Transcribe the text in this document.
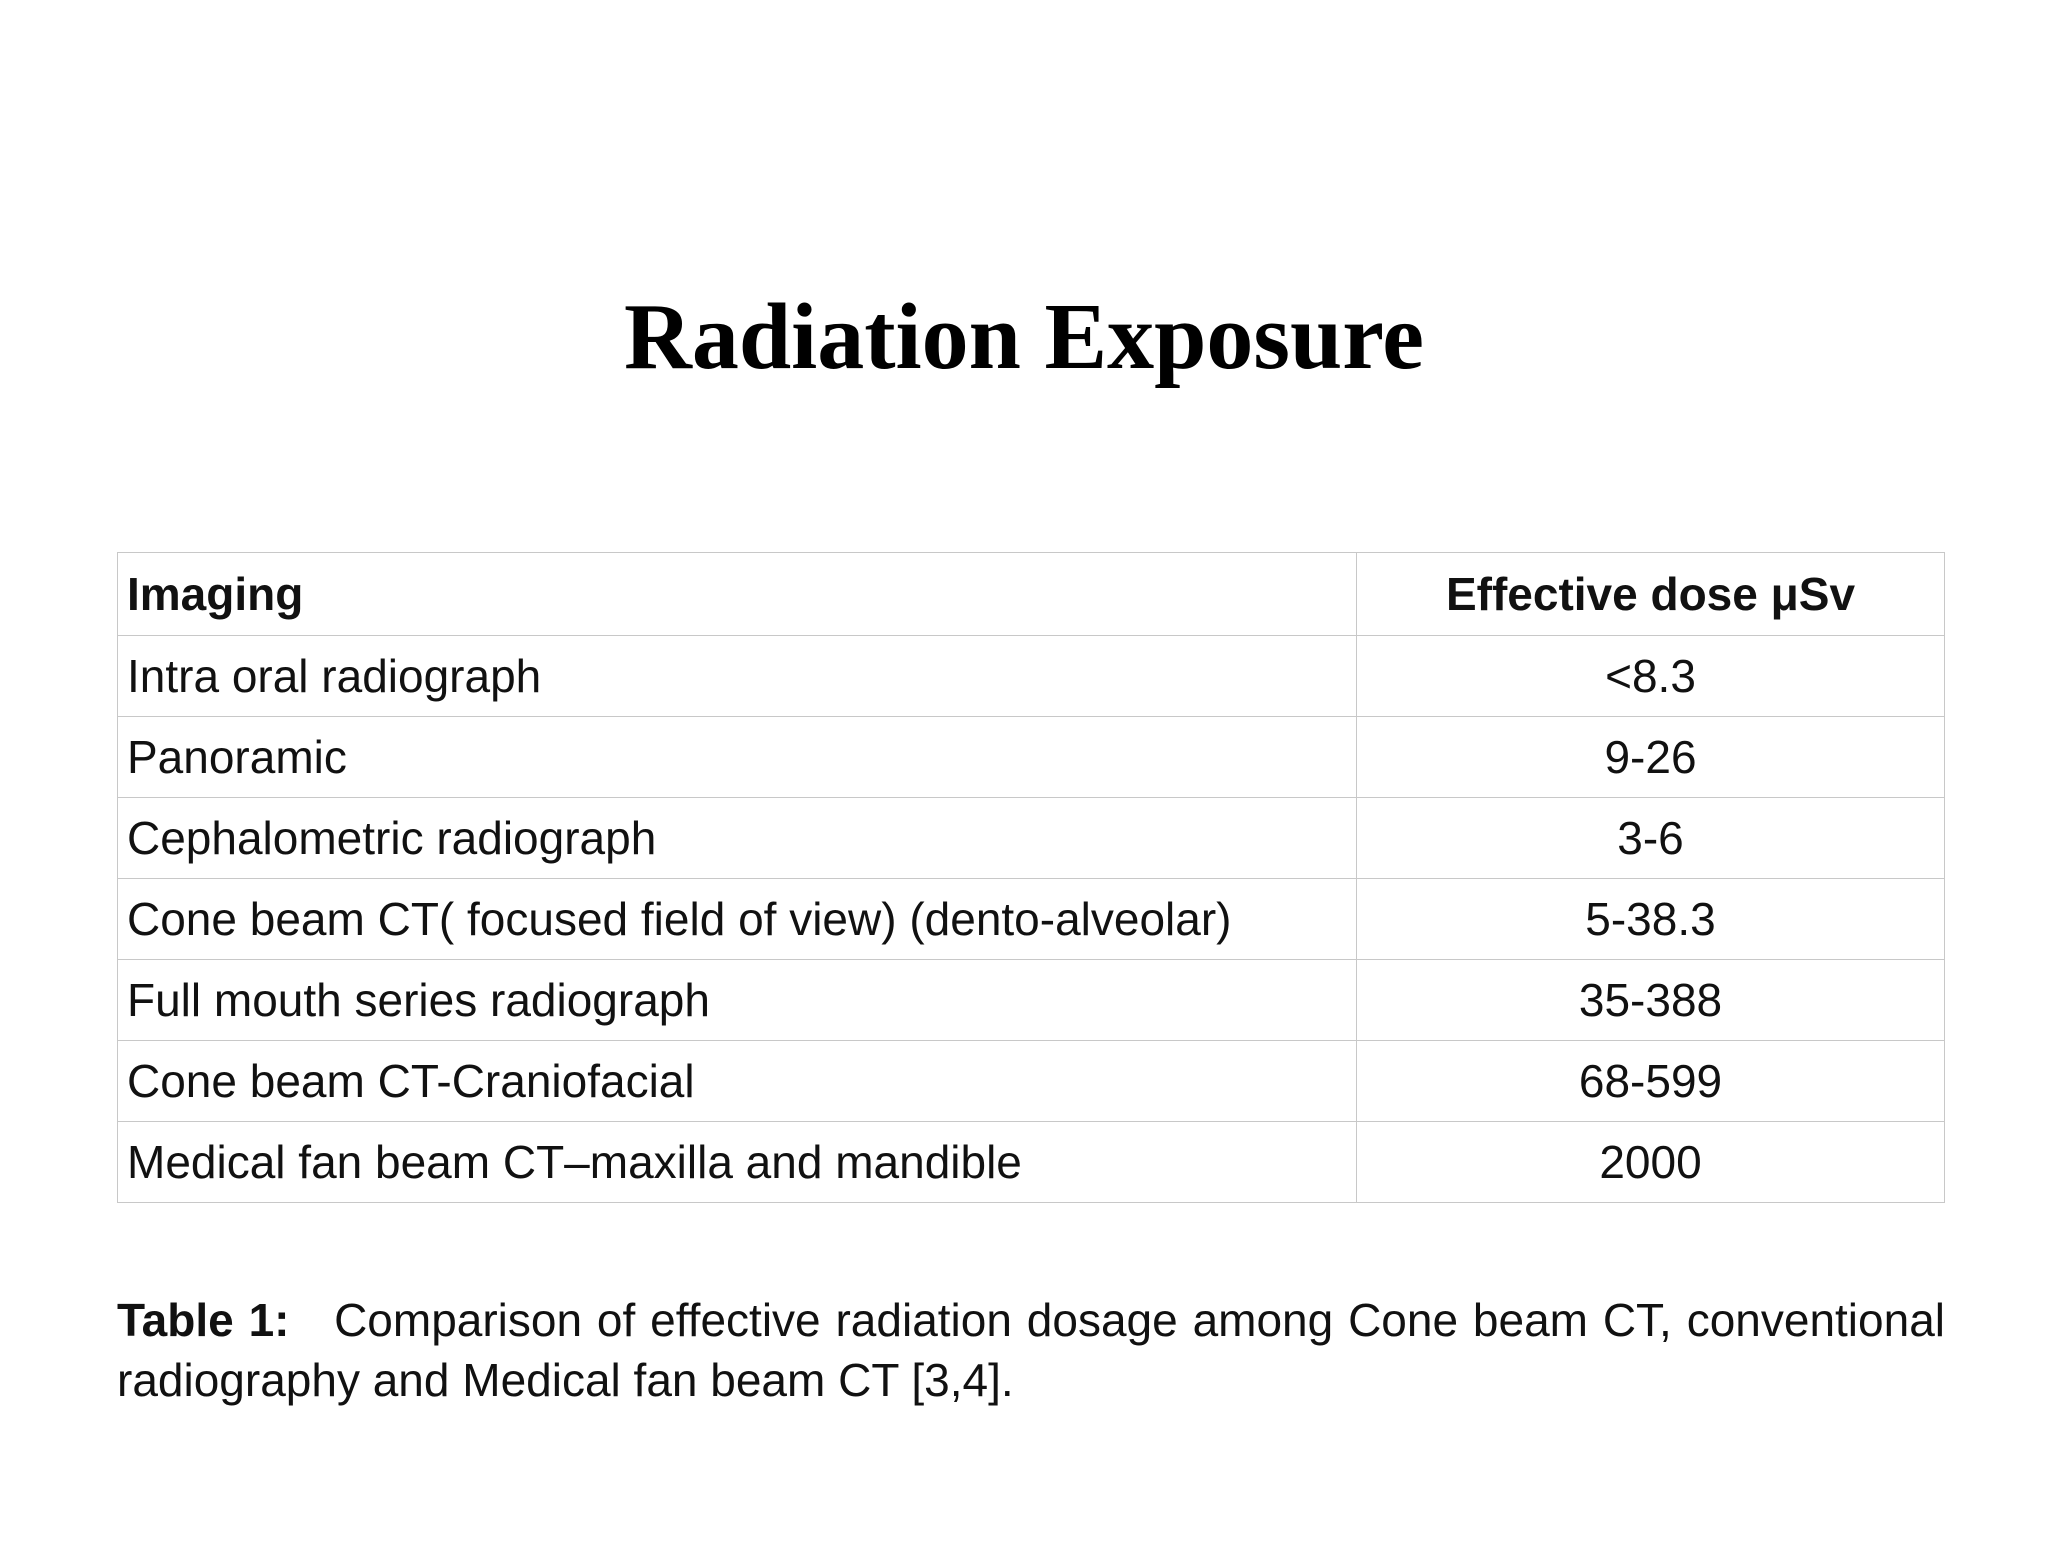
Radiation Exposure
Imaging	Effective dose μSv
Intra oral radiograph	<8.3
Panoramic	9-26
Cephalometric radiograph	3-6
Cone beam CT( focused field of view) (dento-alveolar)	5-38.3
Full mouth series radiograph	35-388
Cone beam CT-Craniofacial	68-599
Medical fan beam CT–maxilla and mandible	2000

Table 1: Comparison of effective radiation dosage among Cone beam CT, conventional radiography and Medical fan beam CT [3,4].
